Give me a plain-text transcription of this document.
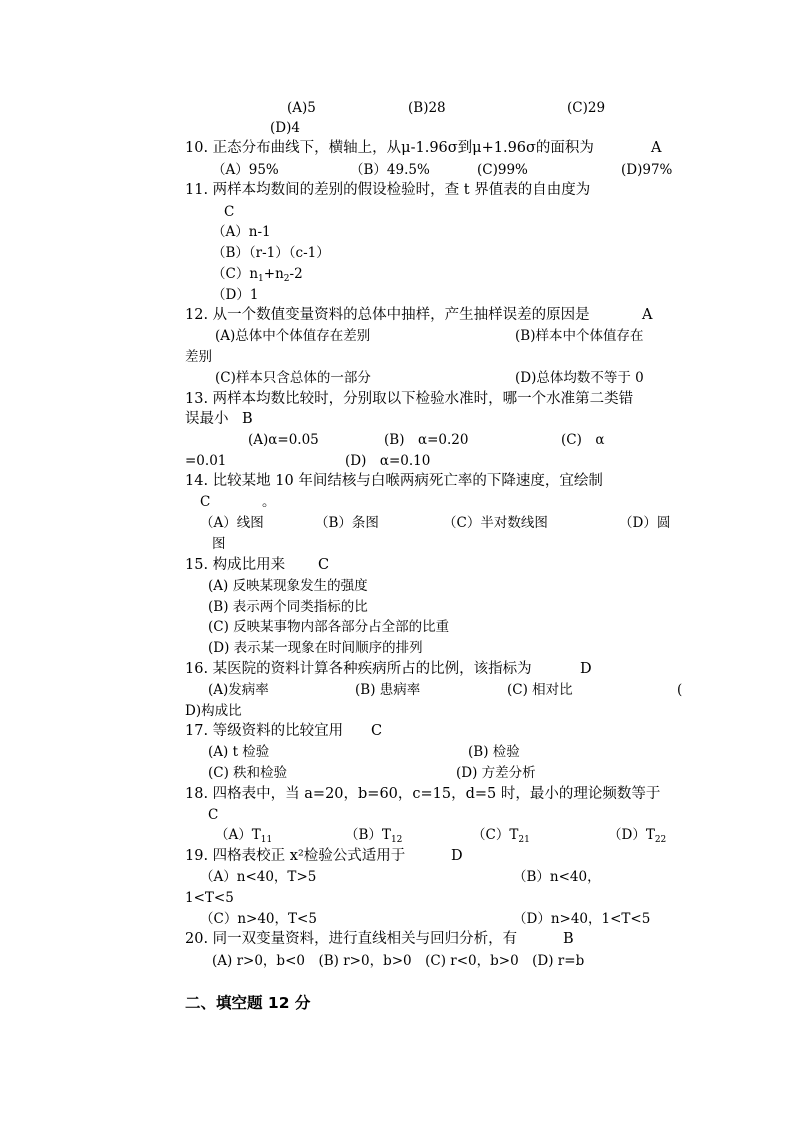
(A)5	(B)28	(C)29
(D)4
10. 正态分布曲线下，横轴上，从μ-1.96σ到μ+1.96σ的面积为	A
（A）95%	（B）49.5%	(C)99%	(D)97%
11. 两样本均数间的差别的假设检验时，查 t 界值表的自由度为
C
（A）n-1
（B）（r-1）（c-1）
$(C)n_1+n_2-2$
（D）1
12. 从一个数值变量资料的总体中抽样，产生抽样误差的原因是	A
(A)总体中个体值存在差别	(B)样本中个体值存在
差别
(C)样本只含总体的一部分	(D)总体均数不等于 0
13. 两样本均数比较时，分别取以下检验水准时，哪一个水准第二类错
误最小 B
(A)α=0.05	(B)　α=0.20	(C)　α
=0.01	(D)　α=0.10
14. 比较某地 10 年间结核与白喉两病死亡率的下降速度，宜绘制
C	。
（A）线图	（B）条图	（C）半对数线图	（D）圆
图
15. 构成比用来 C
(A) 反映某现象发生的强度
(B) 表示两个同类指标的比
(C) 反映某事物内部各部分占全部的比重
(D) 表示某一现象在时间顺序的排列
16. 某医院的资料计算各种疾病所占的比例，该指标为	D
(A)发病率	(B) 患病率	(C) 相对比	(
D)构成比
17. 等级资料的比较宜用 C
(A) t 检验	(B) 检验
(C) 秩和检验	(D) 方差分析
18. 四格表中，当 a=20，b=60，c=15，d=5 时，最小的理论频数等于
C
$(A)T_{11}$	$(B)T_{12}$	$(C)T_{21}$	$(D)T_{22}$
19. 四格表校正 x²检验公式适用于	D
（A）n<40，T>5	（B）n<40，
1<T<5
（C）n>40，T<5	（D）n>40，1<T<5
20. 同一双变量资料，进行直线相关与回归分析，有	B
(A) r>0，b<0　(B) r>0，b>0　(C) r<0，b>0　(D) r=b
二、填空题 12 分
